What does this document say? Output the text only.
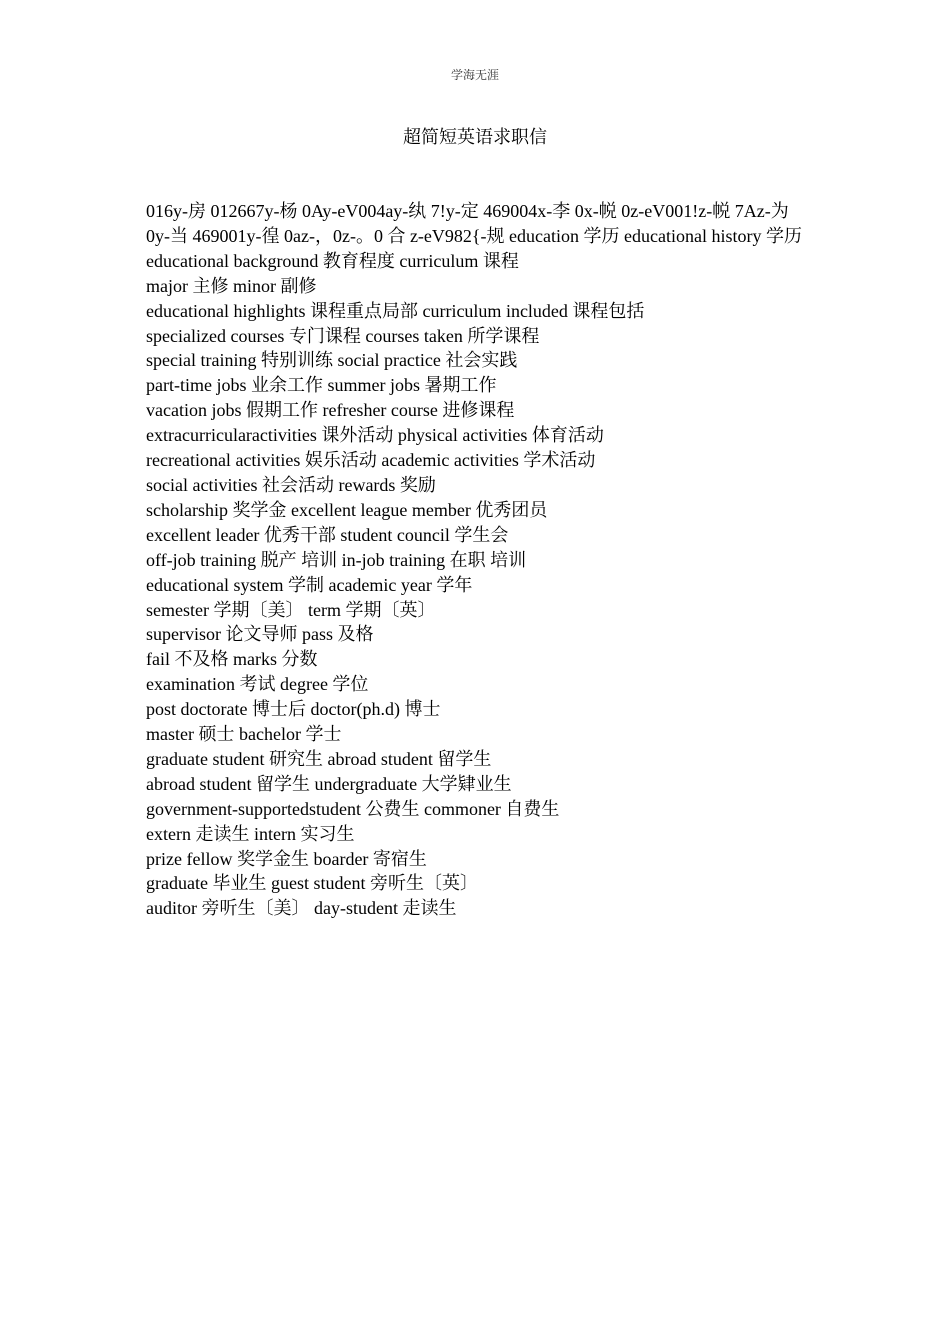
学海无涯
超简短英语求职信

016y-房 012667y-杨 0Ay-eV004ay-纨 7!y-定 469004x-李 0x-帨 0z-eV001!z-帨 7Az-为 0y-当 469001y-徨 0az-，0z-。0 合 z-eV982{-规 education 学历 educational history 学历

educational background 教育程度 curriculum 课程

major 主修 minor 副修

educational highlights 课程重点局部 curriculum included 课程包括

specialized courses 专门课程 courses taken 所学课程

special training 特别训练 social practice 社会实践

part-time jobs 业余工作 summer jobs 暑期工作

vacation jobs 假期工作 refresher course 进修课程

extracurricularactivities 课外活动 physical activities 体育活动

recreational activities 娱乐活动 academic activities 学术活动

social activities 社会活动 rewards 奖励

scholarship 奖学金 excellent league member 优秀团员

excellent leader 优秀干部 student council 学生会

off-job training 脱产 培训 in-job training 在职 培训

educational system 学制 academic year 学年

semester 学期〔美〕 term 学期〔英〕

supervisor 论文导师 pass 及格

fail 不及格 marks 分数

examination 考试 degree 学位

post doctorate 博士后 doctor(ph.d) 博士

master 硕士 bachelor 学士

graduate student 研究生 abroad student 留学生

abroad student 留学生 undergraduate 大学肄业生

government-supportedstudent 公费生 commoner 自费生

extern 走读生 intern 实习生

prize fellow 奖学金生 boarder 寄宿生

graduate 毕业生 guest student 旁听生〔英〕

auditor 旁听生〔美〕 day-student 走读生
